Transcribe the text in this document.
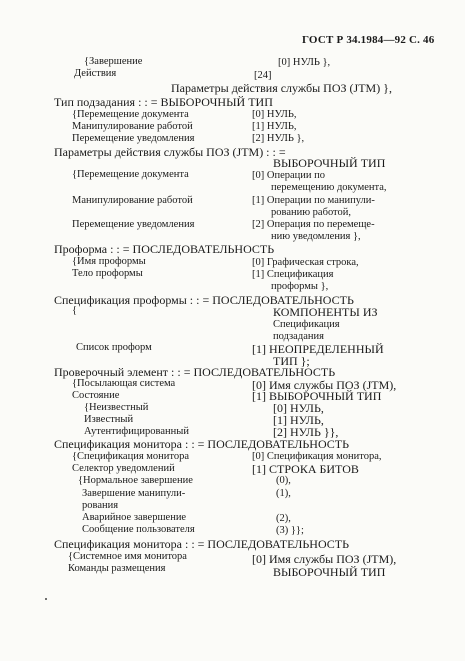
ГОСТ Р 34.1984—92 С. 46
{Завершение	[0] НУЛЬ },
Действия	[24]
Параметры действия службы ПОЗ (JTM) },
Тип подзадания : : = ВЫБОРОЧНЫЙ ТИП
{Перемещение документа	[0] НУЛЬ,
Манипулирование работой	[1] НУЛЬ,
Перемещение уведомления	[2] НУЛЬ },
Параметры действия службы ПОЗ (JTM) : : =
ВЫБОРОЧНЫЙ ТИП
{Перемещение документа	[0] Операции по
перемещению документа,
Манипулирование работой	[1] Операции по манипули-
рованию работой,
Перемещение уведомления	[2] Операция по перемеще-
нию уведомления },
Проформа : : = ПОСЛЕДОВАТЕЛЬНОСТЬ
{Имя проформы	[0] Графическая строка,
Тело проформы	[1] Спецификация
проформы },
Спецификация проформы : : = ПОСЛЕДОВАТЕЛЬНОСТЬ
КОМПОНЕНТЫ ИЗ
{
Спецификация
подзадания
Список проформ	[1] НЕОПРЕДЕЛЕННЫЙ
ТИП };
Проверочный элемент : : = ПОСЛЕДОВАТЕЛЬНОСТЬ
{Посылающая система	[0] Имя службы ПОЗ (JTM),
Состояние	[1] ВЫБОРОЧНЫЙ ТИП
{Неизвестный	[0] НУЛЬ,
Известный	[1] НУЛЬ,
Аутентифицированный	[2] НУЛЬ }},
Спецификация монитора : : = ПОСЛЕДОВАТЕЛЬНОСТЬ
{Спецификация монитора	[0] Спецификация монитора,
Селектор уведомлений	[1] СТРОКА БИТОВ
{Нормальное завершение	(0),
Завершение манипули-	(1),
рования
Аварийное завершение	(2),
Сообщение пользователя	(3) }};
Спецификация монитора : : = ПОСЛЕДОВАТЕЛЬНОСТЬ
{Системное имя монитора	[0] Имя службы ПОЗ (JTM),
Команды размещения	ВЫБОРОЧНЫЙ ТИП
